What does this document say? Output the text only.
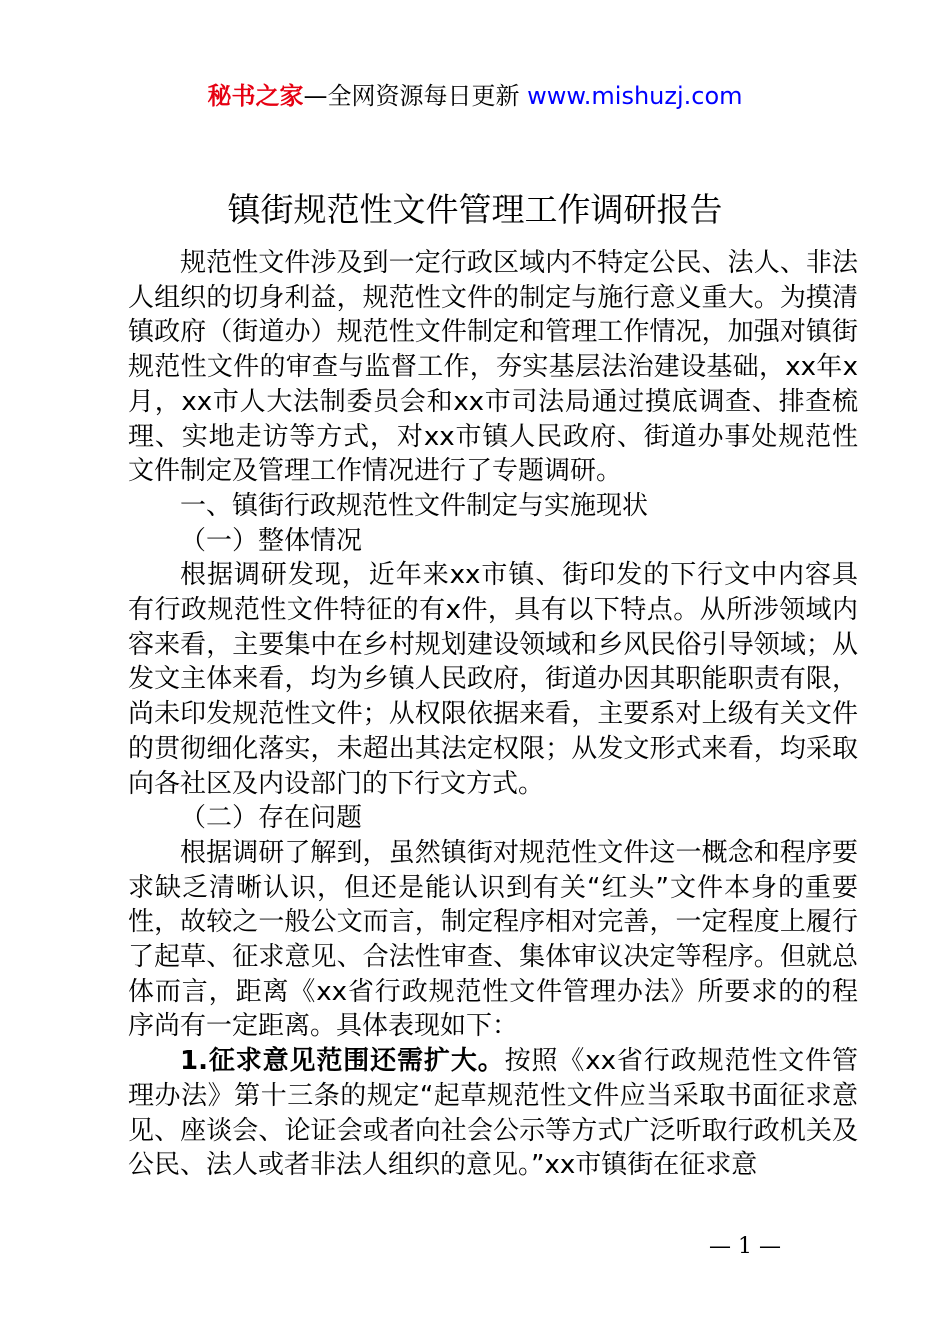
秘书之家—全网资源每日更新 www.mishuzj.com
镇街规范性文件管理工作调研报告

规范性文件涉及到一定行政区域内不特定公民、法人、非法人组织的切身利益，规范性文件的制定与施行意义重大。为摸清镇政府（街道办）规范性文件制定和管理工作情况，加强对镇街规范性文件的审查与监督工作，夯实基层法治建设基础，xx年x月，xx市人大法制委员会和xx市司法局通过摸底调查、排查梳理、实地走访等方式，对xx市镇人民政府、街道办事处规范性文件制定及管理工作情况进行了专题调研。

一、镇街行政规范性文件制定与实施现状

（一）整体情况

根据调研发现，近年来xx市镇、街印发的下行文中内容具有行政规范性文件特征的有x件，具有以下特点。从所涉领域内容来看，主要集中在乡村规划建设领域和乡风民俗引导领域；从发文主体来看，均为乡镇人民政府，街道办因其职能职责有限，尚未印发规范性文件；从权限依据来看，主要系对上级有关文件的贯彻细化落实，未超出其法定权限；从发文形式来看，均采取向各社区及内设部门的下行文方式。

（二）存在问题

根据调研了解到，虽然镇街对规范性文件这一概念和程序要求缺乏清晰认识，但还是能认识到有关“红头”文件本身的重要性，故较之一般公文而言，制定程序相对完善，一定程度上履行了起草、征求意见、合法性审查、集体审议决定等程序。但就总体而言，距离《xx省行政规范性文件管理办法》所要求的的程序尚有一定距离。具体表现如下：

1.征求意见范围还需扩大。按照《xx省行政规范性文件管理办法》第十三条的规定“起草规范性文件应当采取书面征求意见、座谈会、论证会或者向社会公示等方式广泛听取行政机关及公民、法人或者非法人组织的意见。”xx市镇街在征求意

— 1 —
